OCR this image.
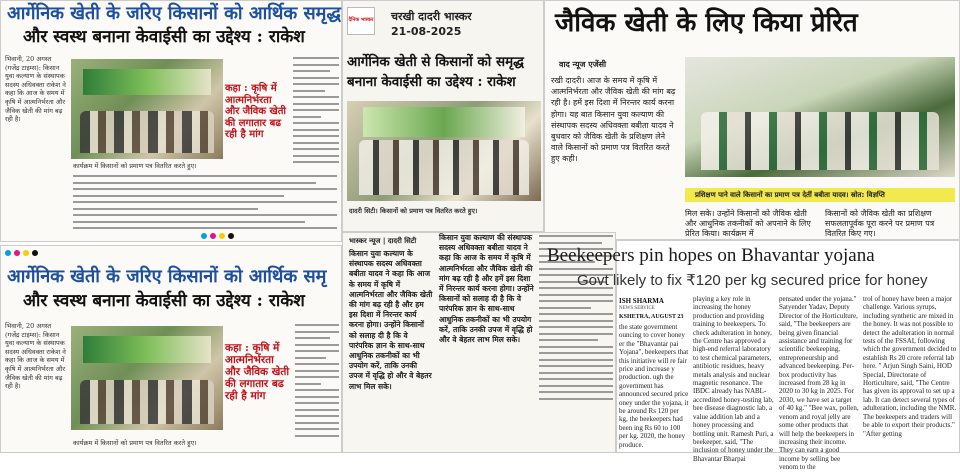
आर्गेनिक खेती के जरिए किसानों को आर्थिक समृद्ध
और स्वस्थ बनाना केवाईसी का उद्देश्य : राकेश
भिवानी, 20 अगस्त (गजेंद्र टाइम्स): किसान युवा कल्याण के संस्थापक सदस्य अधिवक्ता राकेश ने कहा कि आज के समय में कृषि में आत्मनिर्भरता और जैविक खेती की मांग बढ़ रही है।
कार्यक्रम में किसानों को प्रमाण पत्र वितरित करते हुए।
कहा : कृषि में
आत्मनिर्भरता
और जैविक खेती
की लगातार बढ
रही है मांग
दैनिक भास्कर चरखी दादरी भास्कर
21-08-2025
आर्गेनिक खेती से किसानों को समृद्ध
बनाना केवाईसी का उद्देश्य : राकेश
दादरी सिटी। किसानों को प्रमाण पत्र वितरित करते हुए।
जैविक खेती के लिए किया प्रेरित
वाद न्यूज एजेंसी
रखी दादरी। आज के समय में कृषि में आत्मनिर्भरता और जैविक खेती की मांग बढ़ रही है। हमें इस दिशा में निरन्तर कार्य करना होगा। यह बात किसान युवा कल्याण की संस्थापक सदस्य अधिवक्ता बबीता यादव ने बुधवार को जैविक खेती के प्रशिक्षण लेने वाले किसानों को प्रमाण पत्र वितरित करते हुए कही।
प्रशिक्षण पाने वाले किसानों का प्रमाण पत्र देतीं बबीता यादव। स्रोत: विज्ञप्ति
मिल सके। उन्होंने किसानों को जैविक खेती और आधुनिक तकनीकों को अपनाने के लिए प्रेरित किया। कार्यक्रम में
किसानों को जैविक खेती का प्रशिक्षण सफलतापूर्वक पूरा करने पर प्रमाण पत्र वितरित किए गए।
आर्गेनिक खेती के जरिए किसानों को आर्थिक समृ
और स्वस्थ बनाना केवाईसी का उद्देश्य : राकेश
भिवानी, 20 अगस्त (गजेंद्र टाइम्स): किसान युवा कल्याण के संस्थापक सदस्य अधिवक्ता राकेश ने कहा कि आज के समय में कृषि में आत्मनिर्भरता और जैविक खेती की मांग बढ़ रही है।
कार्यक्रम में किसानों को प्रमाण पत्र वितरित करते हुए।
कहा : कृषि में
आत्मनिर्भरता
और जैविक खेती
की लगातार बढ
रही है मांग
भास्कर न्यूज | दादरी सिटी
किसान युवा कल्याण के संस्थापक सदस्य अधिवक्ता बबीता यादव ने कहा कि आज के समय में कृषि में आत्मनिर्भरता और जैविक खेती की मांग बढ़ रही है और हम इस दिशा में निरन्तर कार्य करना होगा। उन्होंने किसानों को सलाह दी है कि वे पारंपरिक ज्ञान के साथ-साथ आधुनिक तकनीकों का भी उपयोग करें, ताकि उनकी उपज में वृद्धि हो और वे बेहतर लाभ मिल सके।
किसान युवा कल्याण की संस्थापक सदस्य अधिवक्ता बबीता यादव ने कहा कि आज के समय में कृषि में आत्मनिर्भरता और जैविक खेती की मांग बढ़ रही है और हमें इस दिशा में निरन्तर कार्य करना होगा। उन्होंने किसानों को सलाह दी है कि वे पारंपरिक ज्ञान के साथ-साथ आधुनिक तकनीकों का भी उपयोग करें, ताकि उनकी उपज में वृद्धि हो और वे बेहतर लाभ मिल सके।
Beekeepers pin hopes on Bhavantar yojana
Govt likely to fix ₹120 per kg secured price for honey
ISH SHARMA
NEWS SERVICE
KSHETRA, AUGUST 23
the state government ouncing to cover honey er the "Bhavantar pai Yojana", beekeepers that this initiative will re fair price and increase y production. ugh the government has announced secured price oney under the yojana, it be around Rs 120 per kg, the beekeepers had been ing Rs 60 to 100 per kg. 2020, the honey produce.
playing a key role in increasing the honey production and providing training to beekeepers. To check adulteration in honey, the Centre has approved a high-end referral laboratory to test chemical parameters, antibiotic residues, heavy metals analysis and nuclear magnetic resonance. The IBDC already has NABL-accredited honey-testing lab, bee disease diagnostic lab, a value addition lab and a honey processing and bottling unit. Ramesh Puri, a beekeeper, said, "The inclusion of honey under the Bhavantar Bharpai
pensated under the yojana." Satyender Yadav, Deputy Director of the Horticulture, said, "The beekeepers are being given financial assistance and training for scientific beekeeping, entrepreneurship and advanced beekeeping. Per-box productivity has increased from 28 kg in 2020 to 30 kg in 2025. For 2030, we have set a target of 40 kg." "Bee wax, pollen, venom and royal jelly are some other products that will help the beekeepers in increasing their income. They can earn a good income by selling bee venom to the
trol of honey have been a major challenge. Various syrups, including synthetic are mixed in the honey. It was not possible to detect the adulteration in normal tests of the FSSAI, following which the government decided to establish Rs 20 crore referral lab here. " Arjun Singh Saini, HOD Special, Directorate of Horticulture, said, "The Centre has given its approval to set up a lab. It can detect several types of adulteration, including the NMR. The beekeepers and traders will be able to export their products." "After getting
